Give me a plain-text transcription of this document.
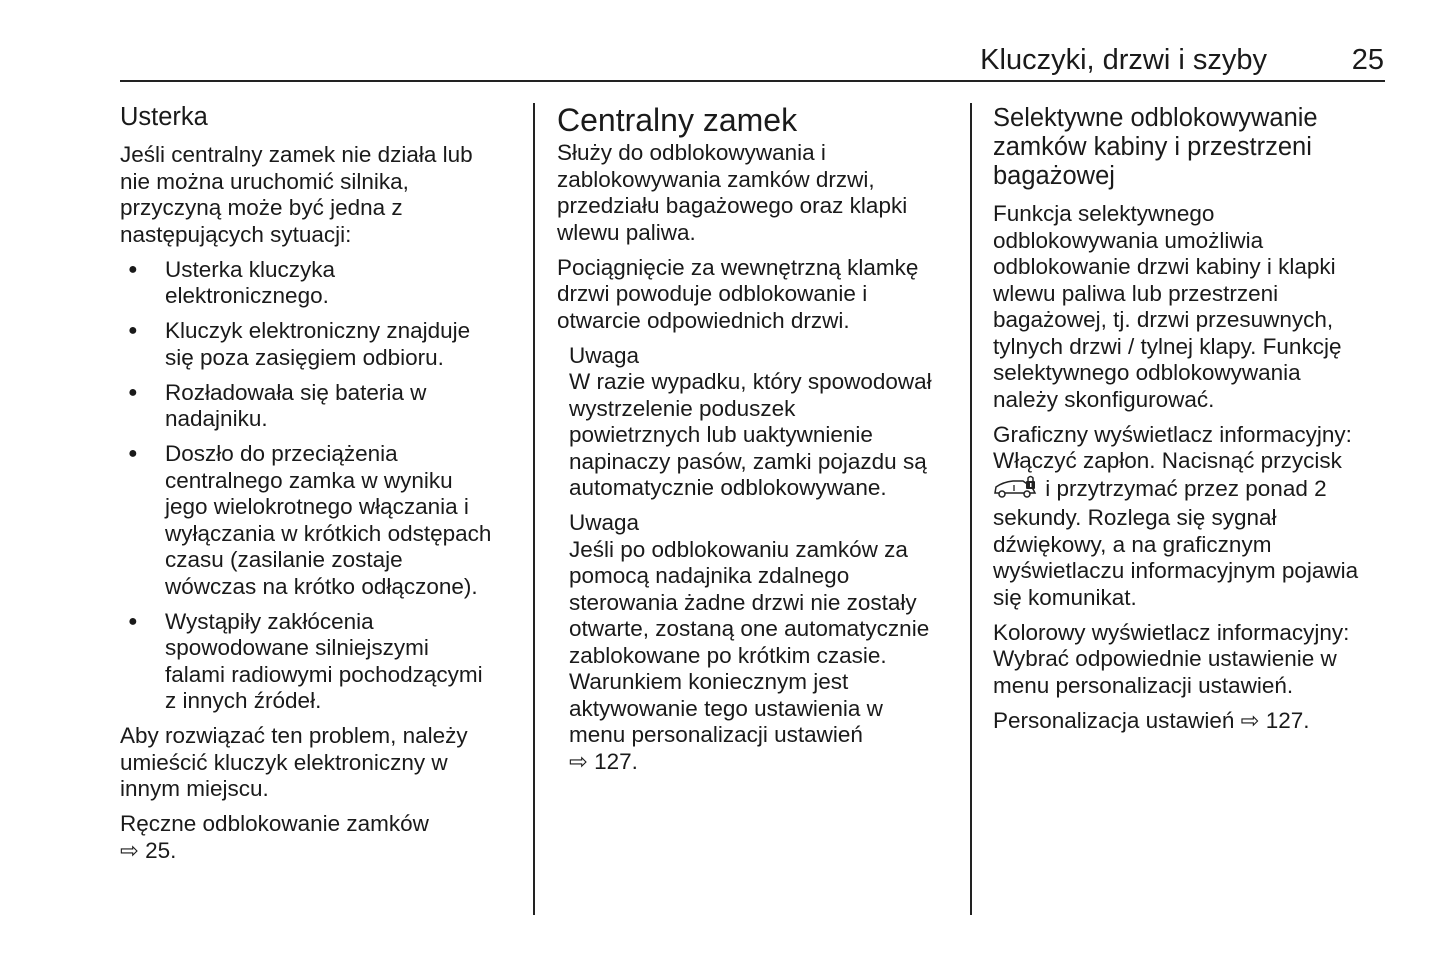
Kluczyki, drzwi i szyby	25
Usterka
Jeśli centralny zamek nie działa lub
nie można uruchomić silnika,
przyczyną może być jedna z
następujących sytuacji:
● Usterka kluczyka
elektronicznego.
● Kluczyk elektroniczny znajduje
się poza zasięgiem odbioru.
● Rozładowała się bateria w
nadajniku.
● Doszło do przeciążenia
centralnego zamka w wyniku
jego wielokrotnego włączania i
wyłączania w krótkich odstępach
czasu (zasilanie zostaje
wówczas na krótko odłączone).
● Wystąpiły zakłócenia
spowodowane silniejszymi
falami radiowymi pochodzącymi
z innych źródeł.
Aby rozwiązać ten problem, należy
umieścić kluczyk elektroniczny w
innym miejscu.
Ręczne odblokowanie zamków
⇨ 25.
Centralny zamek
Służy do odblokowywania i
zablokowywania zamków drzwi,
przedziału bagażowego oraz klapki
wlewu paliwa.
Pociągnięcie za wewnętrzną klamkę
drzwi powoduje odblokowanie i
otwarcie odpowiednich drzwi.
Uwaga
W razie wypadku, który spowodował
wystrzelenie poduszek
powietrznych lub uaktywnienie
napinaczy pasów, zamki pojazdu są
automatycznie odblokowywane.
Uwaga
Jeśli po odblokowaniu zamków za
pomocą nadajnika zdalnego
sterowania żadne drzwi nie zostały
otwarte, zostaną one automatycznie
zablokowane po krótkim czasie.
Warunkiem koniecznym jest
aktywowanie tego ustawienia w
menu personalizacji ustawień
⇨ 127.
Selektywne odblokowywanie
zamków kabiny i przestrzeni
bagażowej
Funkcja selektywnego
odblokowywania umożliwia
odblokowanie drzwi kabiny i klapki
wlewu paliwa lub przestrzeni
bagażowej, tj. drzwi przesuwnych,
tylnych drzwi / tylnej klapy. Funkcję
selektywnego odblokowywania
należy skonfigurować.
Graficzny wyświetlacz informacyjny:
Włączyć zapłon. Nacisnąć przycisk
i przytrzymać przez ponad 2
sekundy. Rozlega się sygnał
dźwiękowy, a na graficznym
wyświetlaczu informacyjnym pojawia
się komunikat.
Kolorowy wyświetlacz informacyjny:
Wybrać odpowiednie ustawienie w
menu personalizacji ustawień.
Personalizacja ustawień ⇨ 127.
